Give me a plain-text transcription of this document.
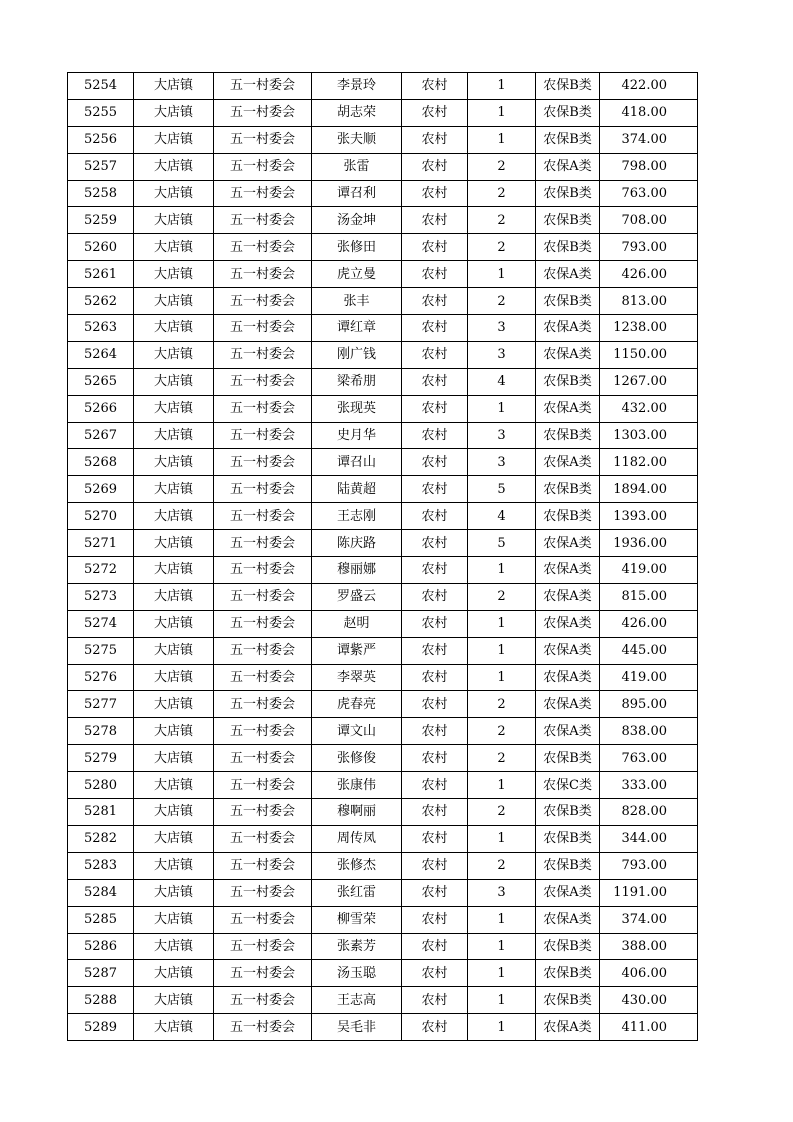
5254	大店镇	五一村委会	李景玲	农村	1	农保B类	422.00
5255	大店镇	五一村委会	胡志荣	农村	1	农保B类	418.00
5256	大店镇	五一村委会	张夫顺	农村	1	农保B类	374.00
5257	大店镇	五一村委会	张雷	农村	2	农保A类	798.00
5258	大店镇	五一村委会	谭召利	农村	2	农保B类	763.00
5259	大店镇	五一村委会	汤金坤	农村	2	农保B类	708.00
5260	大店镇	五一村委会	张修田	农村	2	农保B类	793.00
5261	大店镇	五一村委会	虎立曼	农村	1	农保A类	426.00
5262	大店镇	五一村委会	张丰	农村	2	农保B类	813.00
5263	大店镇	五一村委会	谭红章	农村	3	农保A类	1238.00
5264	大店镇	五一村委会	刚广钱	农村	3	农保A类	1150.00
5265	大店镇	五一村委会	梁希朋	农村	4	农保B类	1267.00
5266	大店镇	五一村委会	张现英	农村	1	农保A类	432.00
5267	大店镇	五一村委会	史月华	农村	3	农保B类	1303.00
5268	大店镇	五一村委会	谭召山	农村	3	农保A类	1182.00
5269	大店镇	五一村委会	陆黄超	农村	5	农保B类	1894.00
5270	大店镇	五一村委会	王志刚	农村	4	农保B类	1393.00
5271	大店镇	五一村委会	陈庆路	农村	5	农保A类	1936.00
5272	大店镇	五一村委会	穆丽娜	农村	1	农保A类	419.00
5273	大店镇	五一村委会	罗盛云	农村	2	农保A类	815.00
5274	大店镇	五一村委会	赵明	农村	1	农保A类	426.00
5275	大店镇	五一村委会	谭紫严	农村	1	农保A类	445.00
5276	大店镇	五一村委会	李翠英	农村	1	农保A类	419.00
5277	大店镇	五一村委会	虎春亮	农村	2	农保A类	895.00
5278	大店镇	五一村委会	谭文山	农村	2	农保A类	838.00
5279	大店镇	五一村委会	张修俊	农村	2	农保B类	763.00
5280	大店镇	五一村委会	张康伟	农村	1	农保C类	333.00
5281	大店镇	五一村委会	穆啊丽	农村	2	农保B类	828.00
5282	大店镇	五一村委会	周传凤	农村	1	农保B类	344.00
5283	大店镇	五一村委会	张修杰	农村	2	农保B类	793.00
5284	大店镇	五一村委会	张红雷	农村	3	农保A类	1191.00
5285	大店镇	五一村委会	柳雪荣	农村	1	农保A类	374.00
5286	大店镇	五一村委会	张素芳	农村	1	农保B类	388.00
5287	大店镇	五一村委会	汤玉聪	农村	1	农保B类	406.00
5288	大店镇	五一村委会	王志高	农村	1	农保B类	430.00
5289	大店镇	五一村委会	吴毛非	农村	1	农保A类	411.00
